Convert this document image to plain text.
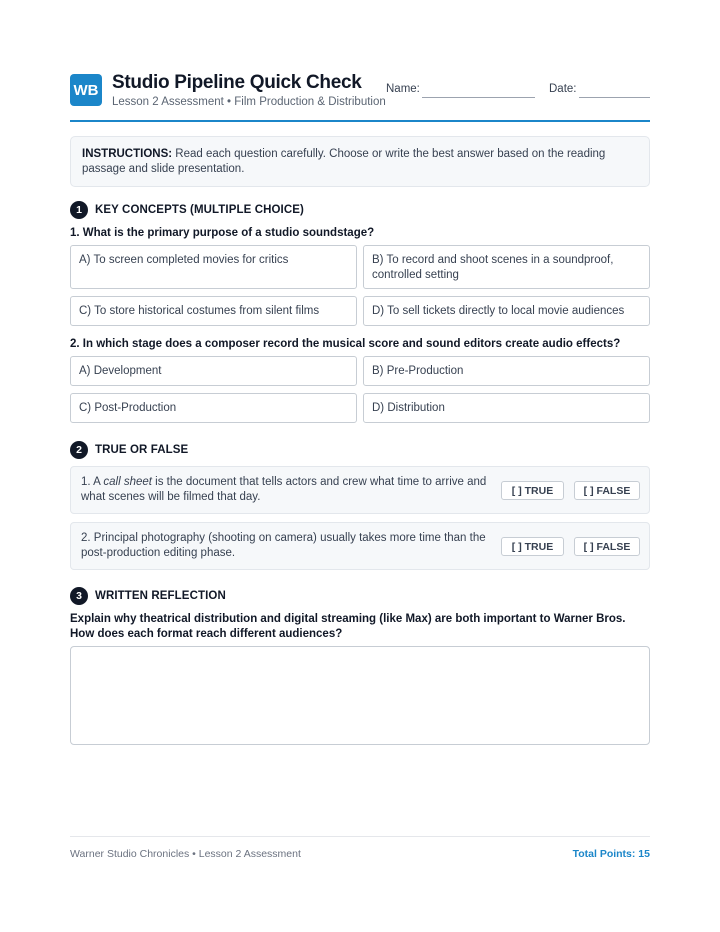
WB Studio Pipeline Quick Check
Lesson 2 Assessment • Film Production & Distribution
Name:	Date:
INSTRUCTIONS: Read each question carefully. Choose or write the best answer based on the reading passage and slide presentation.
1	KEY CONCEPTS (MULTIPLE CHOICE)
1. What is the primary purpose of a studio soundstage?
A) To screen completed movies for critics	B) To record and shoot scenes in a soundproof, controlled setting
C) To store historical costumes from silent films	D) To sell tickets directly to local movie audiences
2. In which stage does a composer record the musical score and sound editors create audio effects?
A) Development	B) Pre-Production
C) Post-Production	D) Distribution
2	TRUE OR FALSE
1. A call sheet is the document that tells actors and crew what time to arrive and what scenes will be filmed that day.	[ ] TRUE	[ ] FALSE
2. Principal photography (shooting on camera) usually takes more time than the post-production editing phase.	[ ] TRUE	[ ] FALSE
3	WRITTEN REFLECTION
Explain why theatrical distribution and digital streaming (like Max) are both important to Warner Bros. How does each format reach different audiences?
Warner Studio Chronicles • Lesson 2 Assessment	Total Points: 15
